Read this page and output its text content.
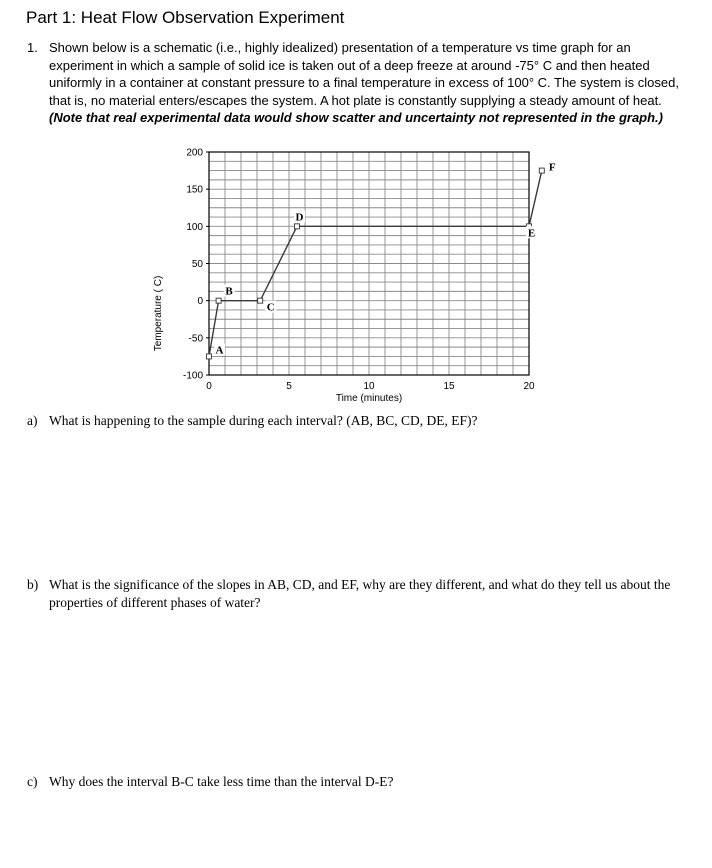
Part 1: Heat Flow Observation Experiment
1. Shown below is a schematic (i.e., highly idealized) presentation of a temperature vs time graph for an experiment in which a sample of solid ice is taken out of a deep freeze at around -75° C and then heated uniformly in a container at constant pressure to a final temperature in excess of 100° C. The system is closed, that is, no material enters/escapes the system. A hot plate is constantly supplying a steady amount of heat. (Note that real experimental data would show scatter and uncertainty not represented in the graph.)
200
150
100
50
0
-50
-100
0	5	10	15	20
A
B
C
D
E
F
Temperature ( C)
Time (minutes)
a) What is happening to the sample during each interval? (AB, BC, CD, DE, EF)?
b) What is the significance of the slopes in AB, CD, and EF, why are they different, and what do they tell us about the properties of different phases of water?
c) Why does the interval B-C take less time than the interval D-E?
